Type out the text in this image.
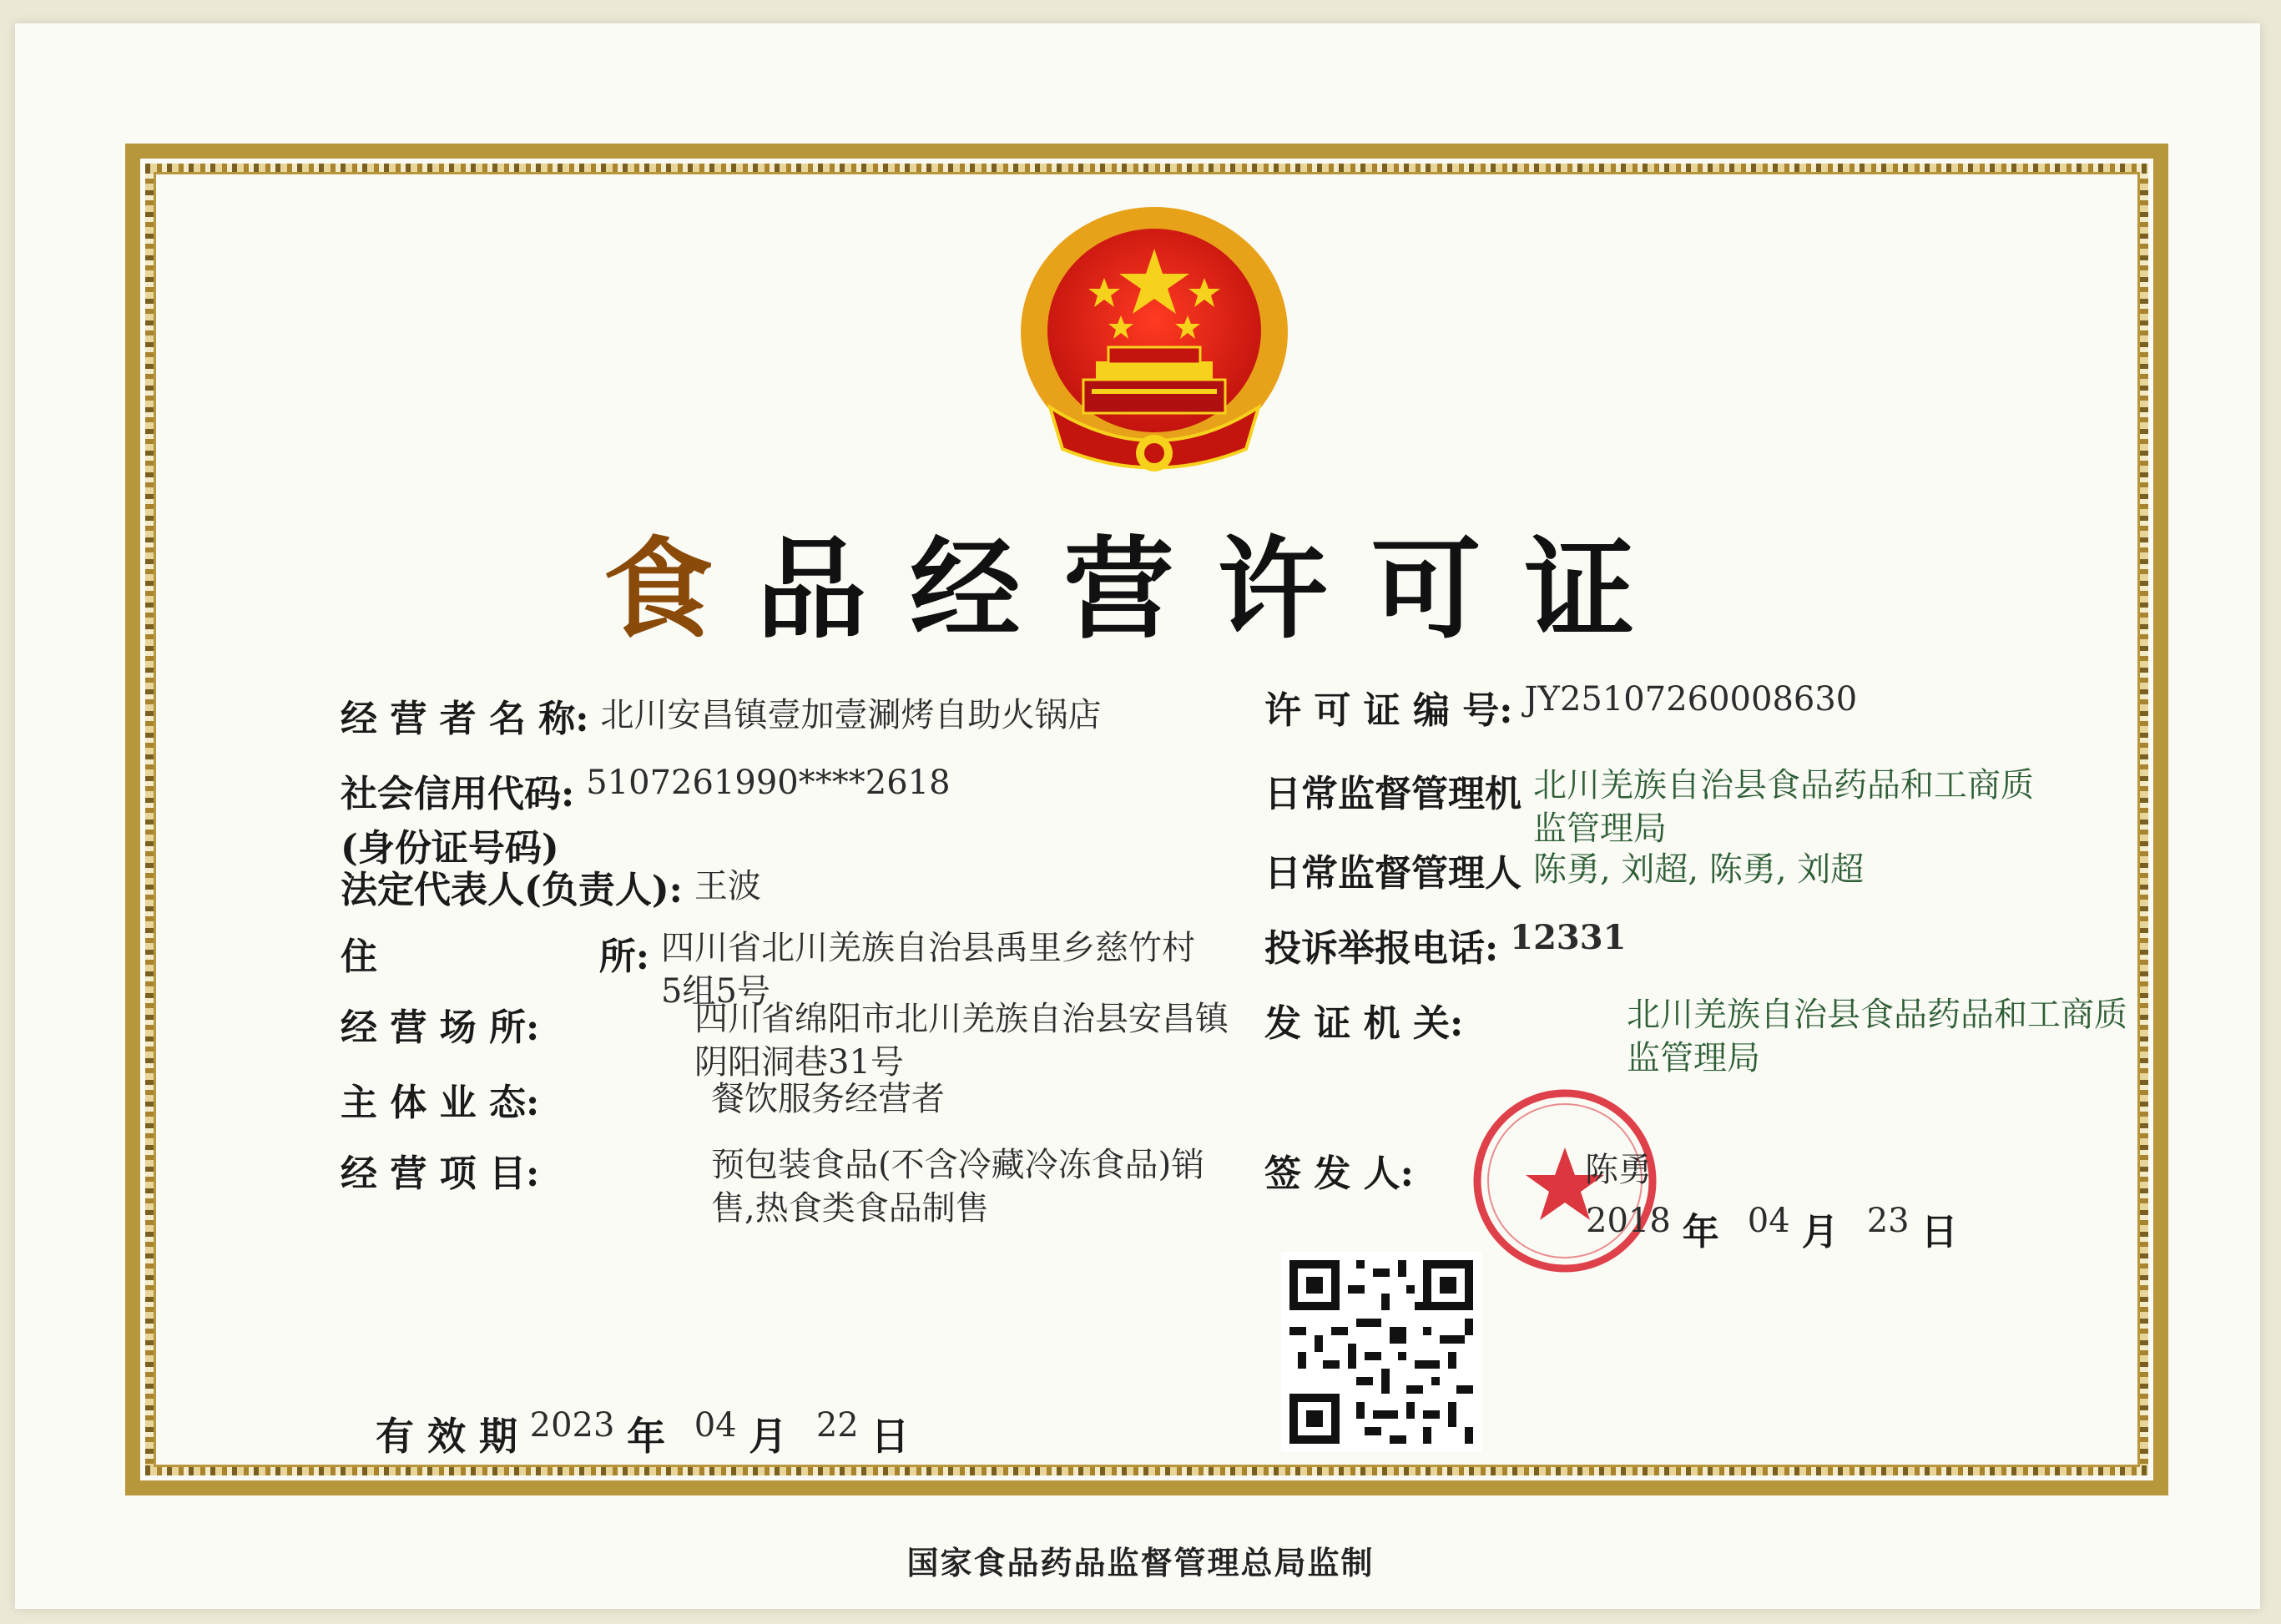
食品经营许可证
经 营 者 名 称: 北川安昌镇壹加壹涮烤自助火锅店
社会信用代码: 5107261990****2618
(身份证号码)
法定代表人(负责人): 王波
住	所: 四川省北川羌族自治县禹里乡慈竹村5组5号
经 营 场 所:	四川省绵阳市北川羌族自治县安昌镇阴阳洞巷31号
主 体 业 态:	餐饮服务经营者
经 营 项 目:	预包装食品(不含冷藏冷冻食品)销售,热食类食品制售
有 效 期 2023 年 04 月 22 日
许 可 证 编 号: JY25107260008630
日常监督管理机 北川羌族自治县食品药品和工商质监管理局
日常监督管理人 陈勇, 刘超, 陈勇, 刘超
投诉举报电话: 12331
发 证 机 关:	北川羌族自治县食品药品和工商质监管理局
签 发 人:	陈勇
2018 年 04 月 23 日
国家食品药品监督管理总局监制
